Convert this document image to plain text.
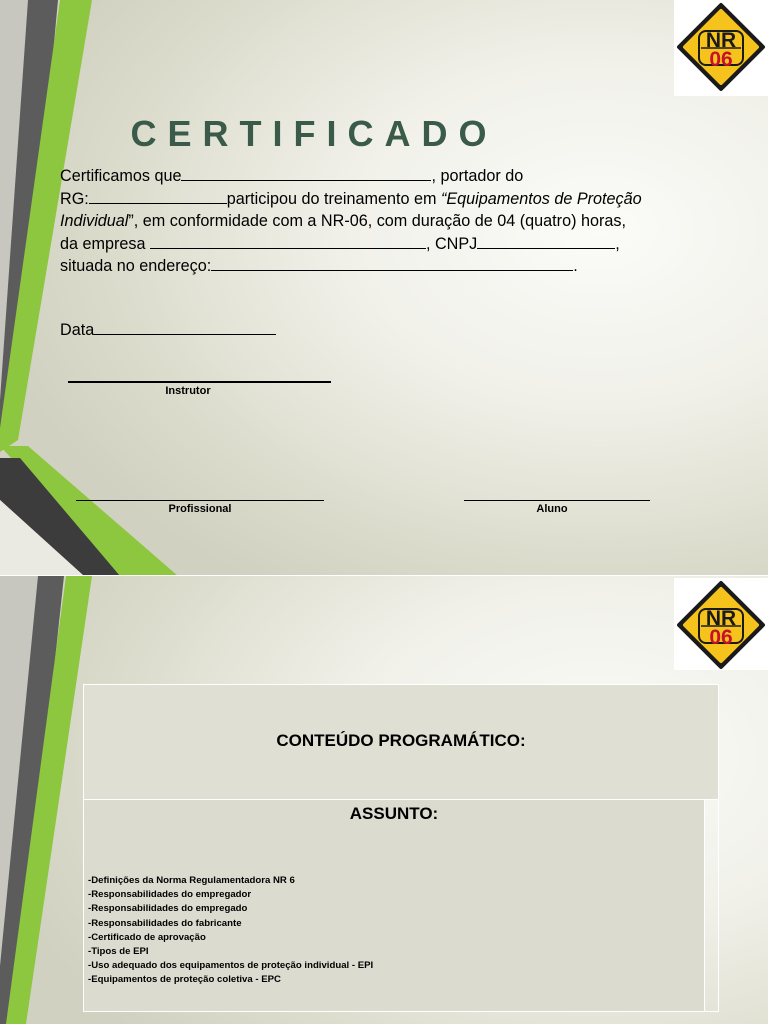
NR
06
CERTIFICADO

Certificamos que	, portador do

RG:	participou do treinamento em “Equipamentos de Proteção

Individual”, em conformidade com a NR-06, com duração de 04 (quatro) horas,

da empresa	, CNPJ	,

situada no endereço:	.

Data
Instrutor
Profissional	Aluno
NR
06
CONTEÚDO PROGRAMÁTICO:
ASSUNTO:
-Definições da Norma Regulamentadora NR 6
-Responsabilidades do empregador
-Responsabilidades do empregado
-Responsabilidades do fabricante
-Certificado de aprovação
-Tipos de EPI
-Uso adequado dos equipamentos de proteção individual - EPI
-Equipamentos de proteção coletiva - EPC
